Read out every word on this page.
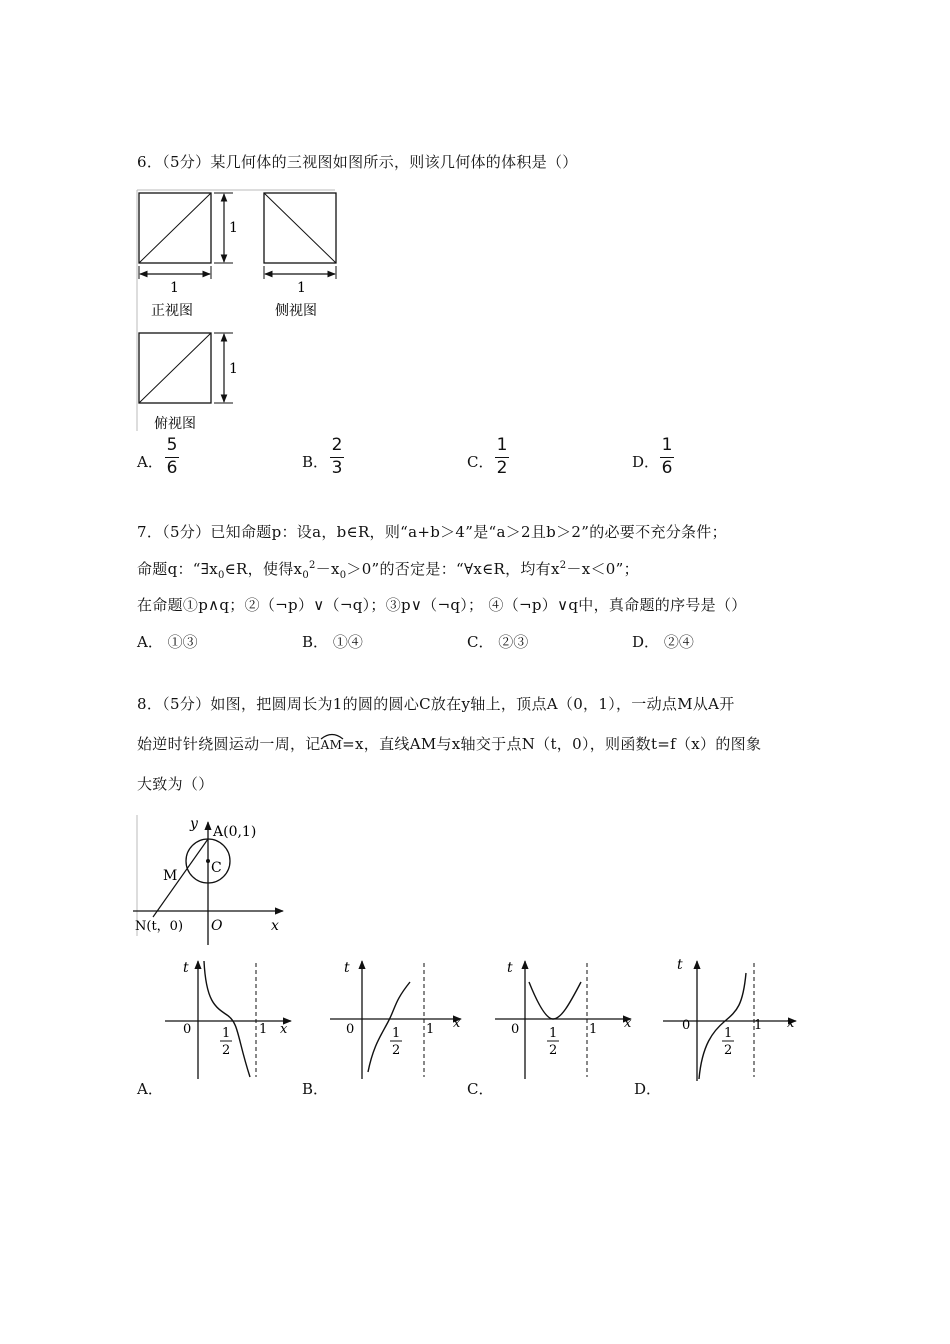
6．（5分）某几何体的三视图如图所示，则该几何体的体积是（）
1
1
正视图
1
侧视图
1
俯视图
A．
5
6	B．
2
3	C．
1
2	D．
1
6
7．（5分）已知命题p：设a，b∈R，则“a+b＞4”是“a＞2且b＞2”的必要不充分条件；
命题q：“$\exists x_0\in R$，使得$x_0^2-x_0>0$”的否定是：“∀x∈R，均有$x^2-x<0$”；
在命题①p∧q；②（¬p）∨（¬q）；③p∨（¬q）； ④（¬p）∨q中，真命题的序号是（）
A． ①③	B． ①④	C． ②③	D． ②④
8．（5分）如图，把圆周长为1的圆的圆心C放在y轴上，顶点A（0，1），一动点M从A开
始逆时针绕圆运动一周，记
AM=x，直线AM与x轴交于点N（t，0），则函数t=f（x）的图象
大致为（）
y A(0,1)
C
M
N(t，0) O	x
t
0 1
2
1 x
t
0	1
2
1 x
t
0 1
2
1 x
t
0
1
2
1 x
A．	B．	C．	D．
